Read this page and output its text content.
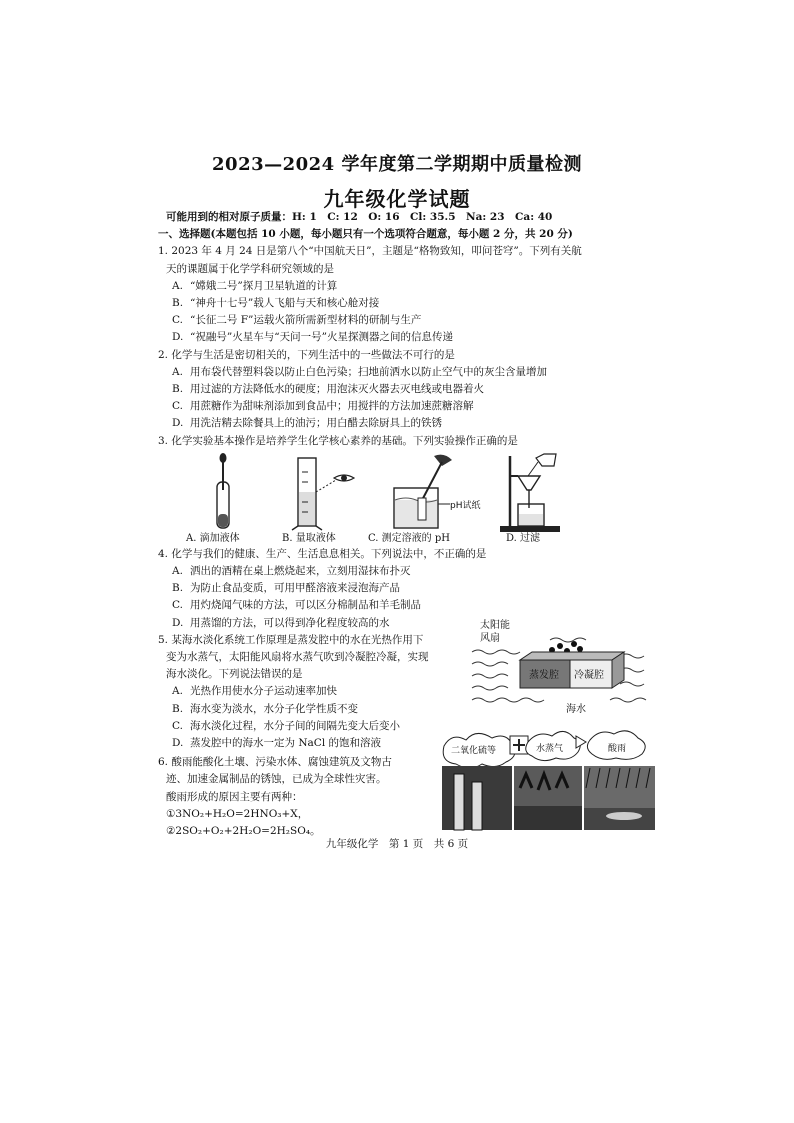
2023—2024 学年度第二学期期中质量检测
九年级化学试题
可能用到的相对原子质量：H: 1　C: 12　O: 16　Cl: 35.5　Na: 23　Ca: 40
一、选择题(本题包括 10 小题，每小题只有一个选项符合题意，每小题 2 分，共 20 分)
1. 2023 年 4 月 24 日是第八个“中国航天日”，主题是“格物致知，叩问苍穹”。下列有关航
天的课题属于化学学科研究领域的是
A. “嫦娥二号”探月卫星轨道的计算
B. “神舟十七号”载人飞船与天和核心舱对接
C. “长征二号 F”运载火箭所需新型材料的研制与生产
D. “祝融号”火星车与“天问一号”火星探测器之间的信息传递
2. 化学与生活是密切相关的，下列生活中的一些做法不可行的是
A. 用布袋代替塑料袋以防止白色污染；扫地前洒水以防止空气中的灰尘含量增加
B. 用过滤的方法降低水的硬度；用泡沫灭火器去灭电线或电器着火
C. 用蔗糖作为甜味剂添加到食品中；用搅拌的方法加速蔗糖溶解
D. 用洗洁精去除餐具上的油污；用白醋去除厨具上的铁锈
3. 化学实验基本操作是培养学生化学核心素养的基础。下列实验操作正确的是
pH试纸
A. 滴加液体	B. 量取液体	C. 测定溶液的 pH	D. 过滤
4. 化学与我们的健康、生产、生活息息相关。下列说法中，不正确的是
A. 洒出的酒精在桌上燃烧起来，立刻用湿抹布扑灭
B. 为防止食品变质，可用甲醛溶液来浸泡海产品
C. 用灼烧闻气味的方法，可以区分棉制品和羊毛制品
D. 用蒸馏的方法，可以得到净化程度较高的水
5. 某海水淡化系统工作原理是蒸发腔中的水在光热作用下
变为水蒸气，太阳能风扇将水蒸气吹到冷凝腔冷凝，实现
海水淡化。下列说法错误的是
A. 光热作用使水分子运动速率加快
B. 海水变为淡水，水分子化学性质不变
C. 海水淡化过程，水分子间的间隔先变大后变小
D. 蒸发腔中的海水一定为 NaCl 的饱和溶液
6. 酸雨能酸化土壤、污染水体、腐蚀建筑及文物古
迹、加速金属制品的锈蚀，已成为全球性灾害。
酸雨形成的原因主要有两种：
①3NO₂+H₂O=2HNO₃+X，
②2SO₂+O₂+2H₂O=2H₂SO₄。
太阳能
风扇
蒸发腔 冷凝腔
海水
二氧化硫等	水蒸气	酸雨
九年级化学　第 1 页　共 6 页
